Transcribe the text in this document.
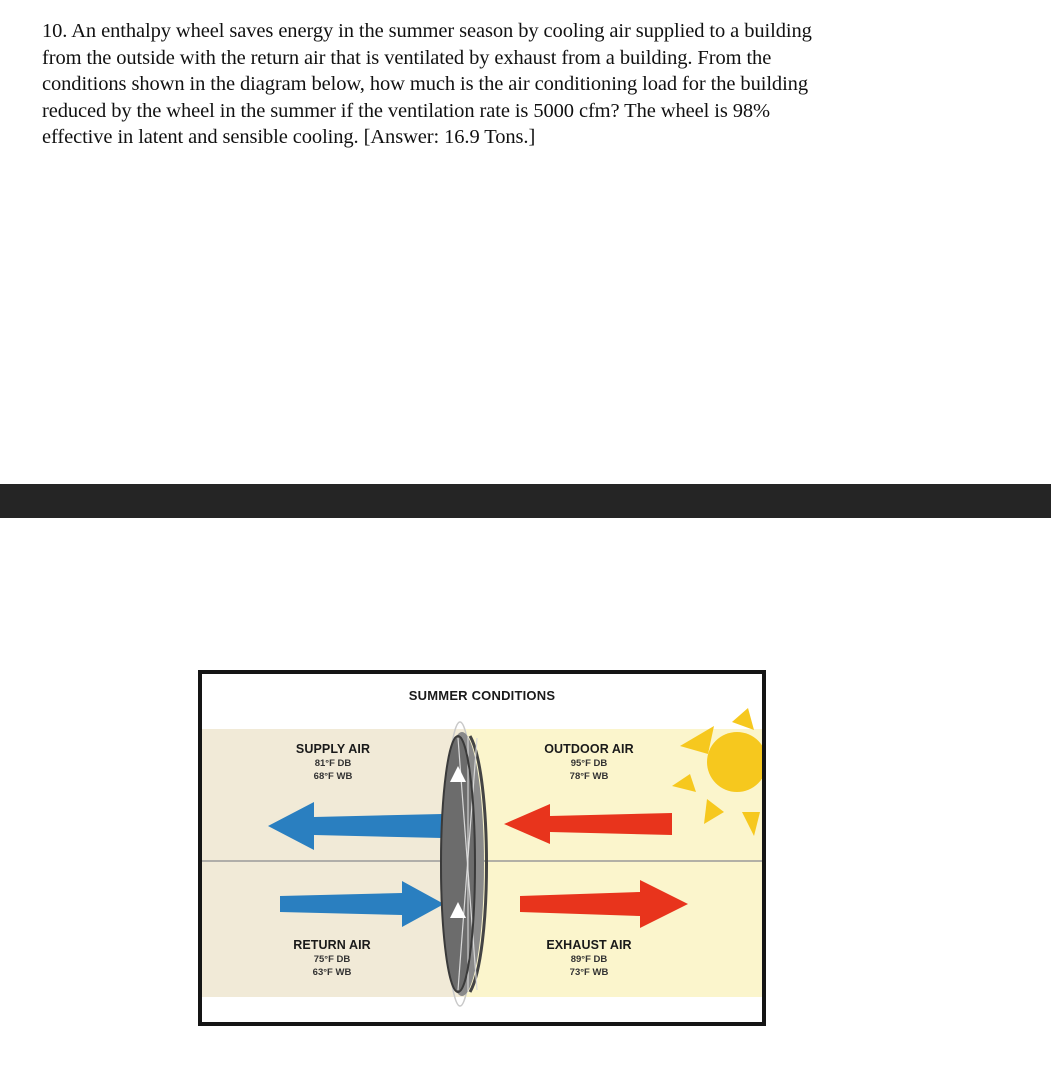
10. An enthalpy wheel saves energy in the summer season by cooling air supplied to a building
from the outside with the return air that is ventilated by exhaust from a building. From the
conditions shown in the diagram below, how much is the air conditioning load for the building
reduced by the wheel in the summer if the ventilation rate is 5000 cfm? The wheel is 98%
effective in latent and sensible cooling. [Answer: 16.9 Tons.]
SUMMER CONDITIONS
SUPPLY AIR
81°F DB
68°F WB
OUTDOOR AIR
95°F DB
78°F WB
RETURN AIR
75°F DB
63°F WB
EXHAUST AIR
89°F DB
73°F WB
